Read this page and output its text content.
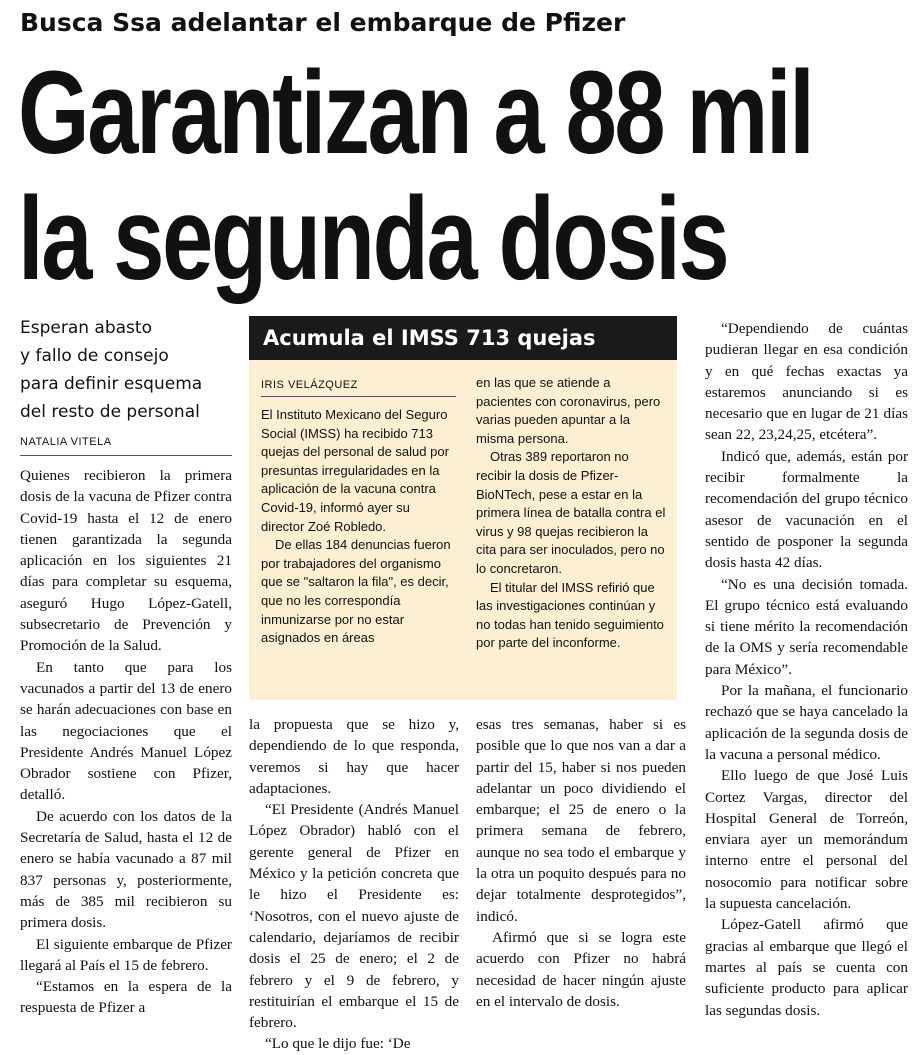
Busca Ssa adelantar el embarque de Pfizer
Garantizan a 88 mil
la segunda dosis
Esperan abasto
y fallo de consejo
para definir esquema
del resto de personal
NATALIA VITELA

Quienes recibieron la primera dosis de la vacuna de Pfizer contra Covid-19 hasta el 12 de enero tienen garantizada la segunda aplicación en los siguientes 21 días para completar su esquema, aseguró Hugo López-Gatell, subsecretario de Prevención y Promoción de la Salud.

En tanto que para los vacunados a partir del 13 de enero se harán adecuaciones con base en las negociaciones que el Presidente Andrés Manuel López Obrador sostiene con Pfizer, detalló.

De acuerdo con los datos de la Secretaría de Salud, hasta el 12 de enero se había vacunado a 87 mil 837 personas y, posteriormente, más de 385 mil recibieron su primera dosis.

El siguiente embarque de Pfizer llegará al País el 15 de febrero.

“Estamos en la espera de la respuesta de Pfizer a

Acumula el IMSS 713 quejas
IRIS VELÁZQUEZ

El Instituto Mexicano del Seguro Social (IMSS) ha recibido 713 quejas del personal de salud por presuntas irregularidades en la aplicación de la vacuna contra Covid-19, informó ayer su director Zoé Robledo.

De ellas 184 denuncias fueron por trabajadores del organismo que se "saltaron la fila", es decir, que no les correspondía inmunizarse por no estar asignados en áreas

en las que se atiende a pacientes con coronavirus, pero varias pueden apuntar a la misma persona.

Otras 389 reportaron no recibir la dosis de Pfizer-BioNTech, pese a estar en la primera línea de batalla contra el virus y 98 quejas recibieron la cita para ser inoculados, pero no lo concretaron.

El titular del IMSS refirió que las investigaciones continúan y no todas han tenido seguimiento por parte del inconforme.

la propuesta que se hizo y, dependiendo de lo que responda, veremos si hay que hacer adaptaciones.

“El Presidente (Andrés Manuel López Obrador) habló con el gerente general de Pfizer en México y la petición concreta que le hizo el Presidente es: ‘Nosotros, con el nuevo ajuste de calendario, dejaríamos de recibir dosis el 25 de enero; el 2 de febrero y el 9 de febrero, y restituirían el embarque el 15 de febrero.

“Lo que le dijo fue: ‘De

esas tres semanas, haber si es posible que lo que nos van a dar a partir del 15, haber si nos pueden adelantar un poco dividiendo el embarque; el 25 de enero o la primera semana de febrero, aunque no sea todo el embarque y la otra un poquito después para no dejar totalmente desprotegidos”, indicó.

Afirmó que si se logra este acuerdo con Pfizer no habrá necesidad de hacer ningún ajuste en el intervalo de dosis.

“Dependiendo de cuántas pudieran llegar en esa condición y en qué fechas exactas ya estaremos anunciando si es necesario que en lugar de 21 días sean 22, 23,24,25, etcétera”.

Indicó que, además, están por recibir formalmente la recomendación del grupo técnico asesor de vacunación en el sentido de posponer la segunda dosis hasta 42 días.

“No es una decisión tomada. El grupo técnico está evaluando si tiene mérito la recomendación de la OMS y sería recomendable para México”.

Por la mañana, el funcionario rechazó que se haya cancelado la aplicación de la segunda dosis de la vacuna a personal médico.

Ello luego de que José Luis Cortez Vargas, director del Hospital General de Torreón, enviara ayer un memorándum interno entre el personal del nosocomio para notificar sobre la supuesta cancelación.

López-Gatell afirmó que gracias al embarque que llegó el martes al país se cuenta con suficiente producto para aplicar las segundas dosis.
